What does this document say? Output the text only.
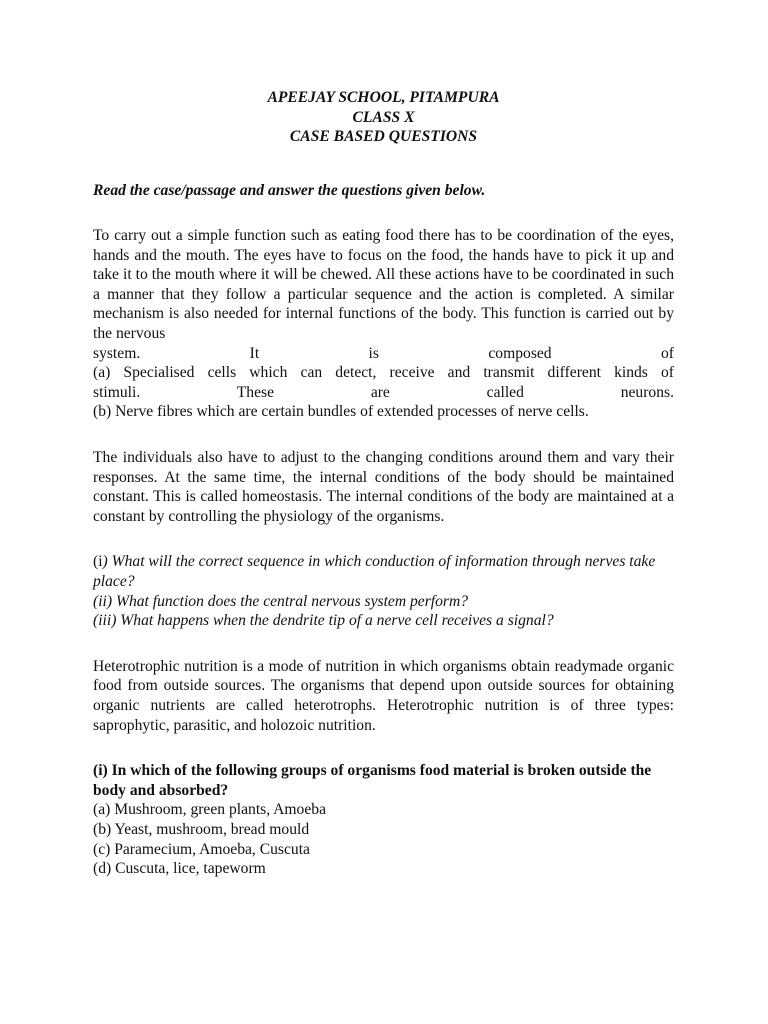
APEEJAY SCHOOL, PITAMPURA
CLASS X
CASE BASED QUESTIONS
Read the case/passage and answer the questions given below.
To carry out a simple function such as eating food there has to be coordination of the eyes, hands and the mouth. The eyes have to focus on the food, the hands have to pick it up and take it to the mouth where it will be chewed. All these actions have to be coordinated in such a manner that they follow a particular sequence and the action is completed. A similar mechanism is also needed for internal functions of the body. This function is carried out by the nervous
system. It is composed of
(a) Specialised cells which can detect, receive and transmit different kinds of
stimuli. These are called neurons.
(b) Nerve fibres which are certain bundles of extended processes of nerve cells.
The individuals also have to adjust to the changing conditions around them and vary their responses. At the same time, the internal conditions of the body should be maintained constant. This is called homeostasis. The internal conditions of the body are maintained at a constant by controlling the physiology of the organisms.
(i) What will the correct sequence in which conduction of information through nerves take place?
(ii) What function does the central nervous system perform?
(iii) What happens when the dendrite tip of a nerve cell receives a signal?
Heterotrophic nutrition is a mode of nutrition in which organisms obtain readymade organic food from outside sources. The organisms that depend upon outside sources for obtaining organic nutrients are called heterotrophs. Heterotrophic nutrition is of three types: saprophytic, parasitic, and holozoic nutrition.
(i) In which of the following groups of organisms food material is broken outside the body and absorbed?
(a) Mushroom, green plants, Amoeba
(b) Yeast, mushroom, bread mould
(c) Paramecium, Amoeba, Cuscuta
(d) Cuscuta, lice, tapeworm
